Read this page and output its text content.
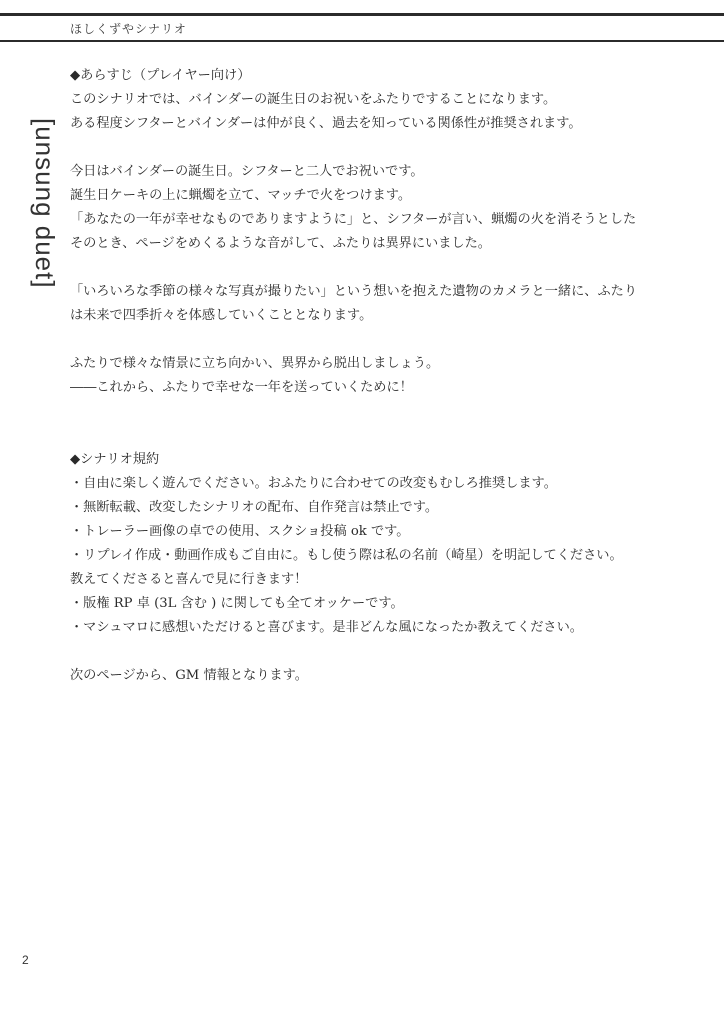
ほしくずやシナリオ
[unsung duet]
◆あらすじ（プレイヤー向け）
このシナリオでは、バインダーの誕生日のお祝いをふたりですることになります。
ある程度シフターとバインダーは仲が良く、過去を知っている関係性が推奨されます。
今日はバインダーの誕生日。シフターと二人でお祝いです。
誕生日ケーキの上に蝋燭を立て、マッチで火をつけます。
「あなたの一年が幸せなものでありますように」と、シフターが言い、蝋燭の火を消そうとした
そのとき、ページをめくるような音がして、ふたりは異界にいました。
「いろいろな季節の様々な写真が撮りたい」という想いを抱えた遺物のカメラと一緒に、ふたり
は未来で四季折々を体感していくこととなります。
ふたりで様々な情景に立ち向かい、異界から脱出しましょう。
――これから、ふたりで幸せな一年を送っていくために！
◆シナリオ規約
・自由に楽しく遊んでください。おふたりに合わせての改変もむしろ推奨します。
・無断転載、改変したシナリオの配布、自作発言は禁止です。
・トレーラー画像の卓での使用、スクショ投稿 ok です。
・リプレイ作成・動画作成もご自由に。もし使う際は私の名前（崎星）を明記してください。
教えてくださると喜んで見に行きます！
・版権 RP 卓 (3L 含む ) に関しても全てオッケーです。
・マシュマロに感想いただけると喜びます。是非どんな風になったか教えてください。
次のページから、GM 情報となります。
2
